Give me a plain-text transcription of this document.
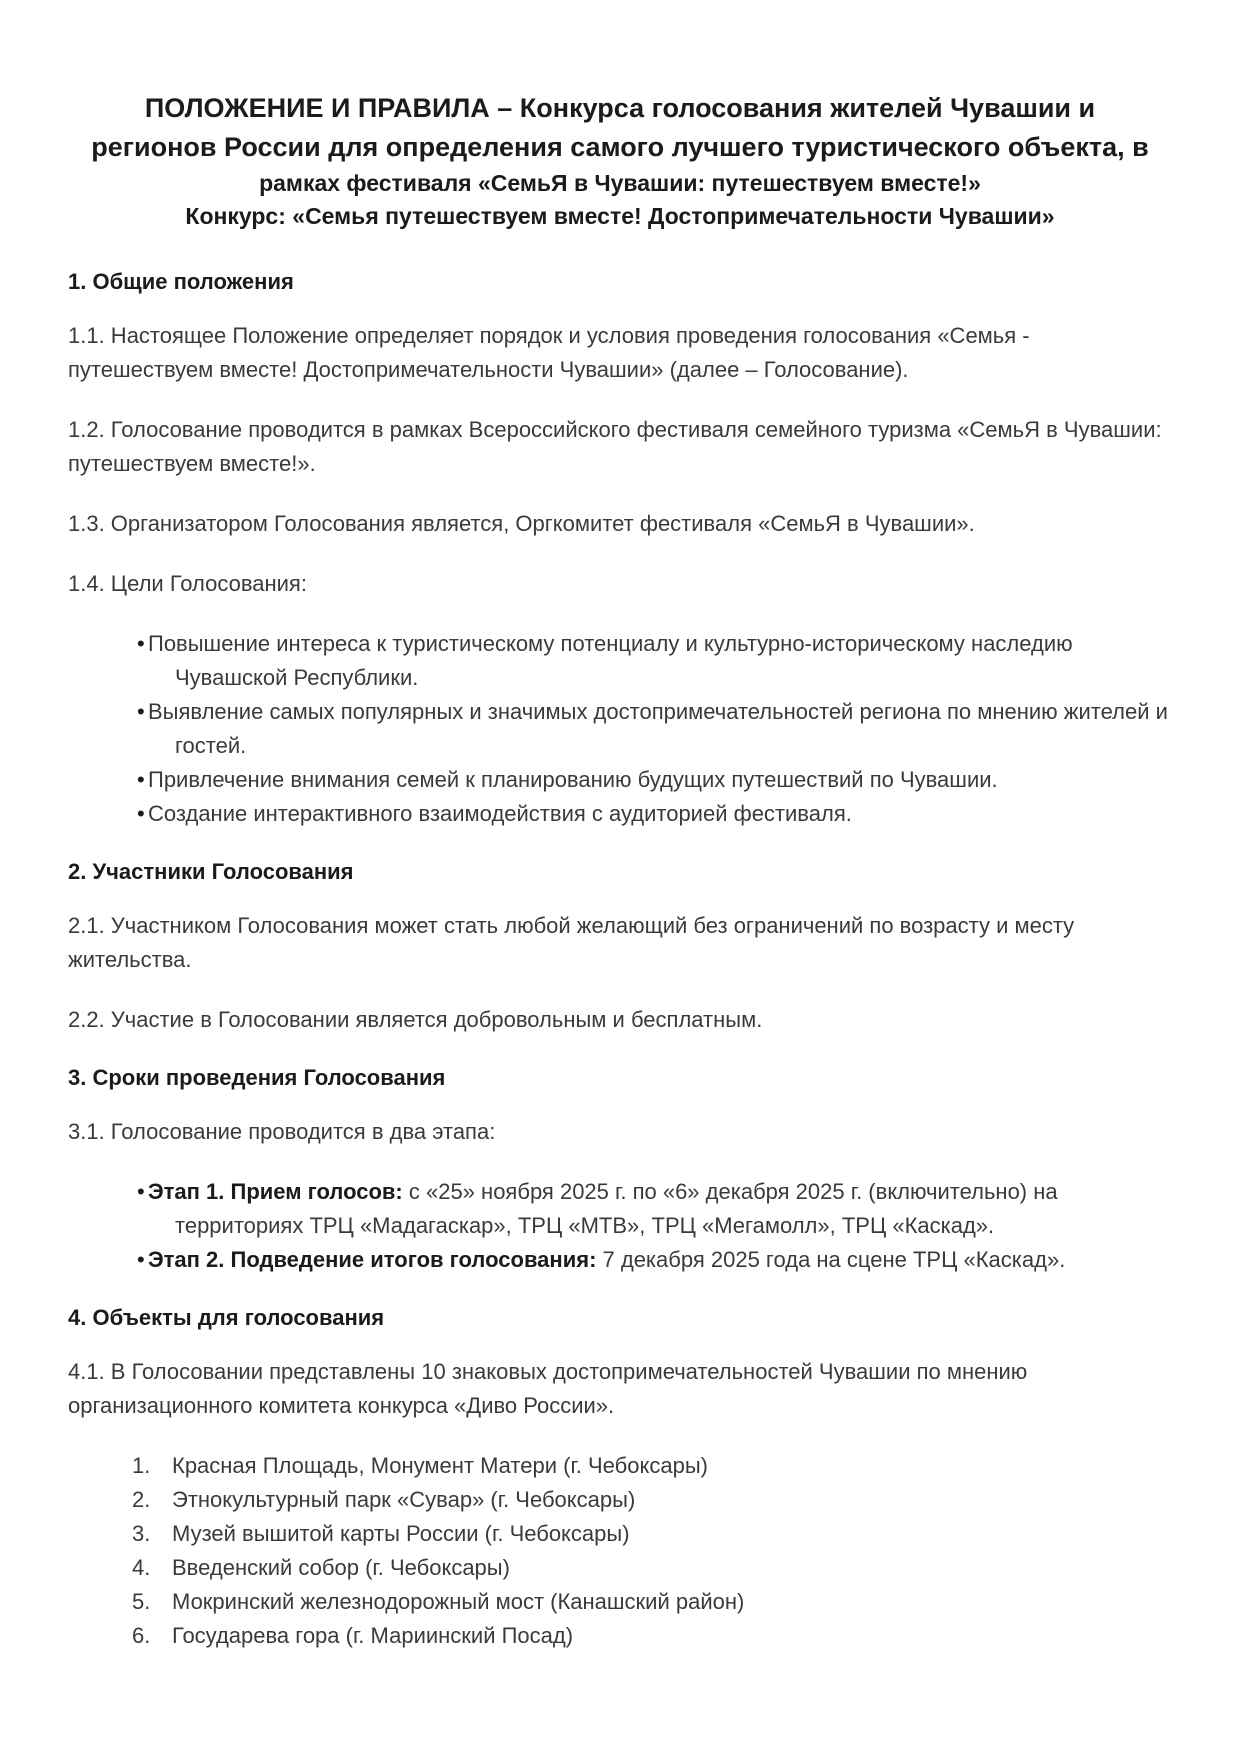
ПОЛОЖЕНИЕ И ПРАВИЛА – Конкурса голосования жителей Чувашии и
регионов России для определения самого лучшего туристического объекта, в
рамках фестиваля «СемьЯ в Чувашии: путешествуем вместе!»
Конкурс: «Семья путешествуем вместе! Достопримечательности Чувашии»
1. Общие положения

1.1. Настоящее Положение определяет порядок и условия проведения голосования «Семья - путешествуем вместе! Достопримечательности Чувашии» (далее – Голосование).

1.2. Голосование проводится в рамках Всероссийского фестиваля семейного туризма «СемьЯ в Чувашии: путешествуем вместе!».

1.3. Организатором Голосования является, Оргкомитет фестиваля «СемьЯ в Чувашии».

1.4. Цели Голосования:

• Повышение интереса к туристическому потенциалу и культурно-историческому наследию Чувашской Республики.
• Выявление самых популярных и значимых достопримечательностей региона по мнению жителей и гостей.
• Привлечение внимания семей к планированию будущих путешествий по Чувашии.
• Создание интерактивного взаимодействия с аудиторией фестиваля.
2. Участники Голосования

2.1. Участником Голосования может стать любой желающий без ограничений по возрасту и месту жительства.

2.2. Участие в Голосовании является добровольным и бесплатным.

3. Сроки проведения Голосования

3.1. Голосование проводится в два этапа:

• Этап 1. Прием голосов: с «25» ноября 2025 г. по «6» декабря 2025 г. (включительно) на территориях ТРЦ «Мадагаскар», ТРЦ «МТВ», ТРЦ «Мегамолл», ТРЦ «Каскад».
• Этап 2. Подведение итогов голосования: 7 декабря 2025 года на сцене ТРЦ «Каскад».
4. Объекты для голосования

4.1. В Голосовании представлены 10 знаковых достопримечательностей Чувашии по мнению организационного комитета конкурса «Диво России».

Красная Площадь, Монумент Матери (г. Чебоксары)
Этнокультурный парк «Сувар» (г. Чебоксары)
Музей вышитой карты России (г. Чебоксары)
Введенский собор (г. Чебоксары)
Мокринский железнодорожный мост (Канашский район)
Государева гора (г. Мариинский Посад)
